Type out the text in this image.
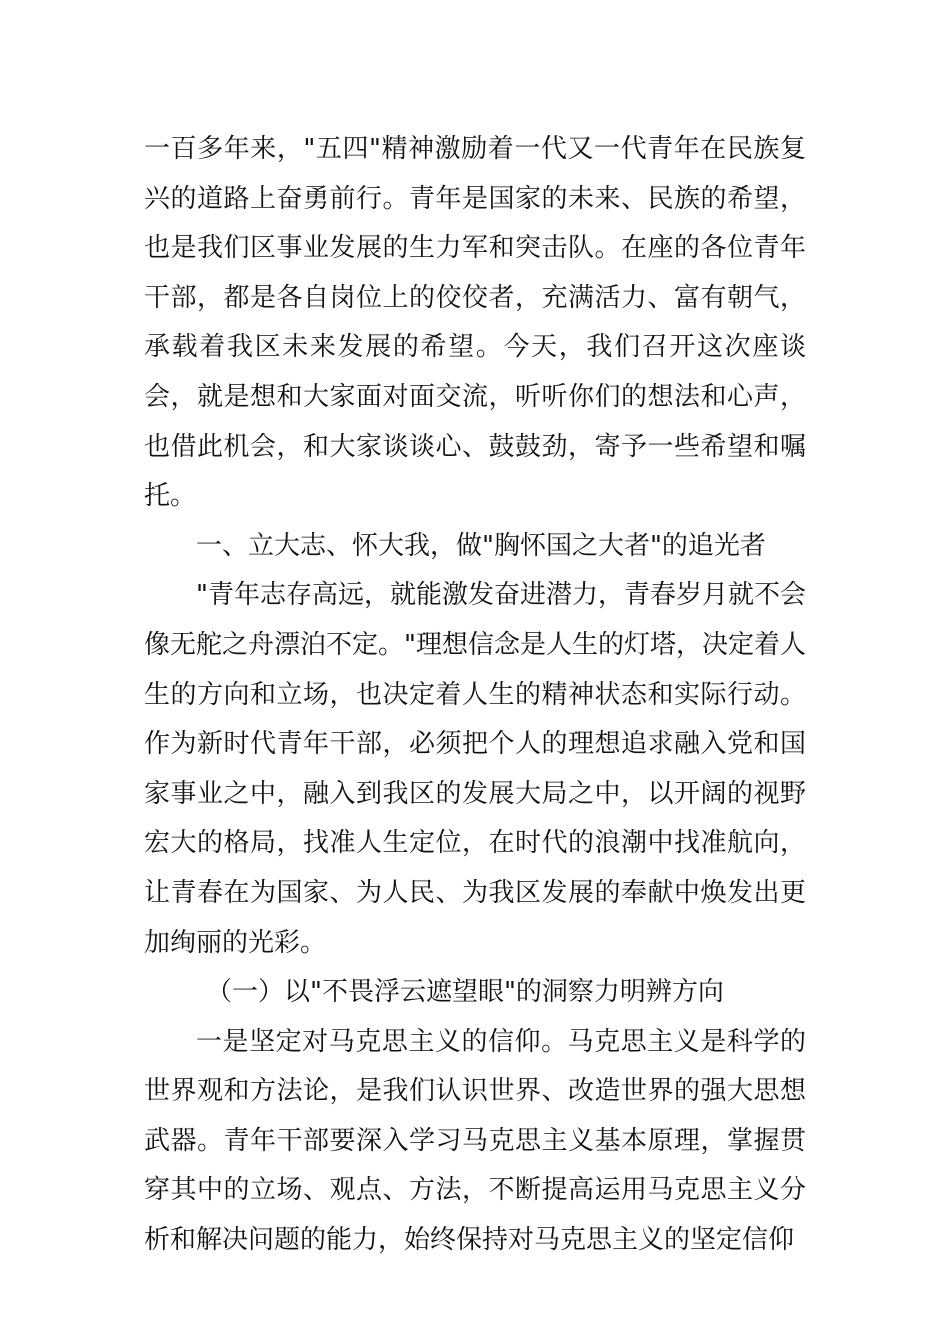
一百多年来，"五四"精神激励着一代又一代青年在民族复兴的道路上奋勇前行。青年是国家的未来、民族的希望，也是我们区事业发展的生力军和突击队。在座的各位青年干部，都是各自岗位上的佼佼者，充满活力、富有朝气，承载着我区未来发展的希望。今天，我们召开这次座谈会，就是想和大家面对面交流，听听你们的想法和心声，也借此机会，和大家谈谈心、鼓鼓劲，寄予一些希望和嘱托。

一、立大志、怀大我，做"胸怀国之大者"的追光者

"青年志存高远，就能激发奋进潜力，青春岁月就不会像无舵之舟漂泊不定。"理想信念是人生的灯塔，决定着人生的方向和立场，也决定着人生的精神状态和实际行动。作为新时代青年干部，必须把个人的理想追求融入党和国家事业之中，融入到我区的发展大局之中，以开阔的视野宏大的格局，找准人生定位，在时代的浪潮中找准航向，让青春在为国家、为人民、为我区发展的奉献中焕发出更加绚丽的光彩。

（一）以"不畏浮云遮望眼"的洞察力明辨方向

一是坚定对马克思主义的信仰。马克思主义是科学的世界观和方法论，是我们认识世界、改造世界的强大思想武器。青年干部要深入学习马克思主义基本原理，掌握贯穿其中的立场、观点、方法，不断提高运用马克思主义分析和解决问题的能力，始终保持对马克思主义的坚定信仰
